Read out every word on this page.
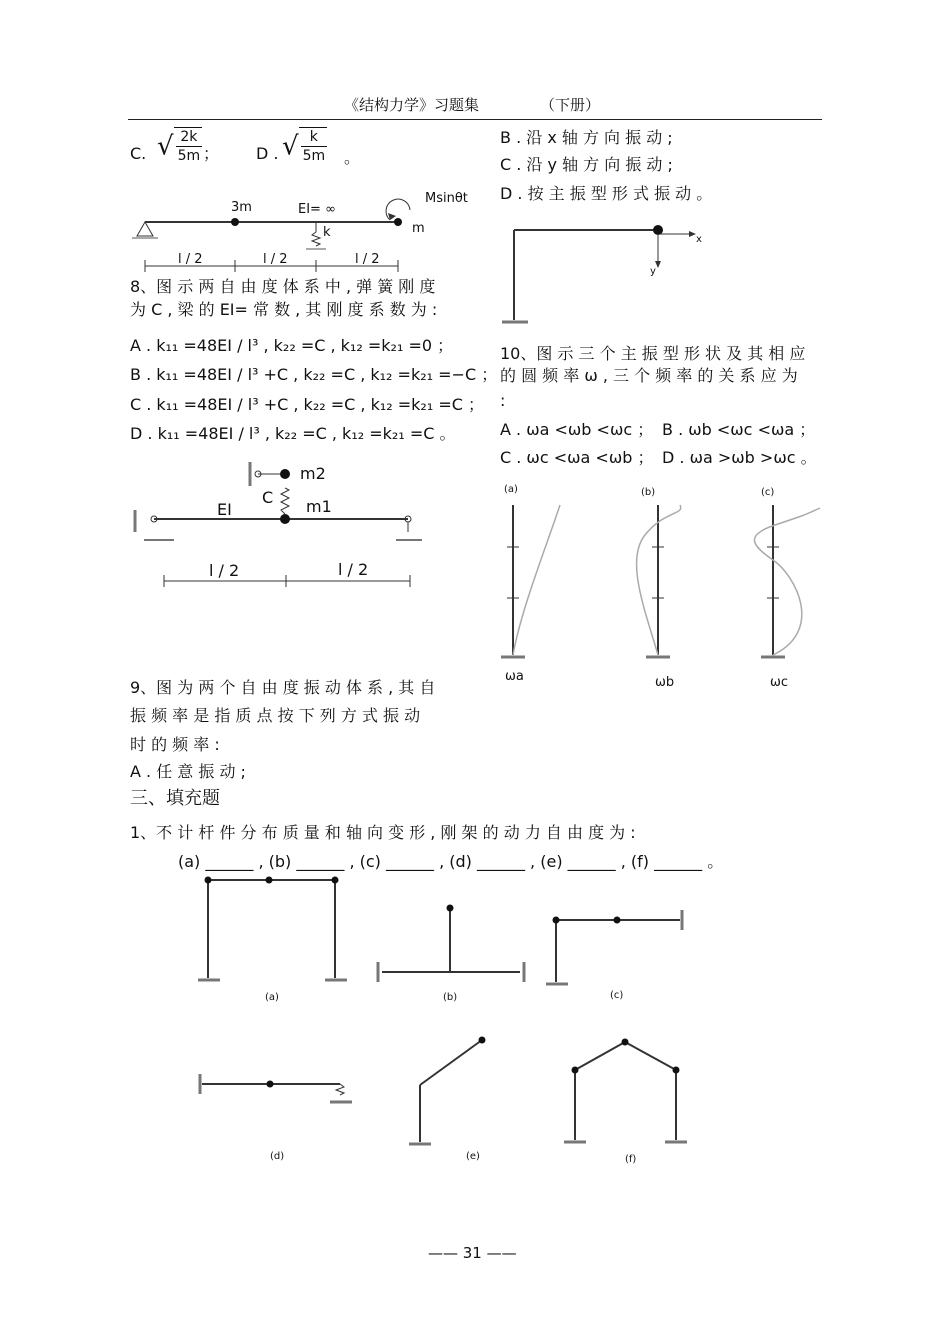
《结构力学》习题集	（下册）
C. √ $\frac{2k}{5m}$ ； D . √ $\frac{k}{5m}$ 。
3m	EI= ∞
k
Msinθt
m
l / 2	l / 2	l / 2
8、图 示 两 自 由 度 体 系 中 , 弹 簧 刚 度
为 C , 梁 的 EI= 常 数 , 其 刚 度 系 数 为 :
A . k₁₁ =48EI / l³ , k₂₂ =C , k₁₂ =k₂₁ =0 ；
B . k₁₁ =48EI / l³ +C , k₂₂ =C , k₁₂ =k₂₁ =−C ；
C . k₁₁ =48EI / l³ +C , k₂₂ =C , k₁₂ =k₂₁ =C ；
D . k₁₁ =48EI / l³ , k₂₂ =C , k₁₂ =k₂₁ =C 。
m2
m1
C
EI
l / 2	l / 2
9、图 为 两 个 自 由 度 振 动 体 系 , 其 自
振 频 率 是 指 质 点 按 下 列 方 式 振 动
时 的 频 率 :
A . 任 意 振 动 ;
B . 沿 x 轴 方 向 振 动 ;
C . 沿 y 轴 方 向 振 动 ;
D . 按 主 振 型 形 式 振 动 。
x
y
10、图 示 三 个 主 振 型 形 状 及 其 相 应
的 圆 频 率 ω , 三 个 频 率 的 关 系 应 为
:
A . ωa <ωb <ωc ； B . ωb <ωc <ωa ；
C . ωc <ωa <ωb ； D . ωa >ωb >ωc 。
(a)	(b)	(c)
ωa	ωb	ωc
三、填充题
1、不 计 杆 件 分 布 质 量 和 轴 向 变 形 , 刚 架 的 动 力 自 由 度 为 :
(a) ______ , (b) ______ , (c) ______ , (d) ______ , (e) ______ , (f) ______ 。
(a)	(b)	(c)
(d)	(e)	(f)
—— 31 ——
